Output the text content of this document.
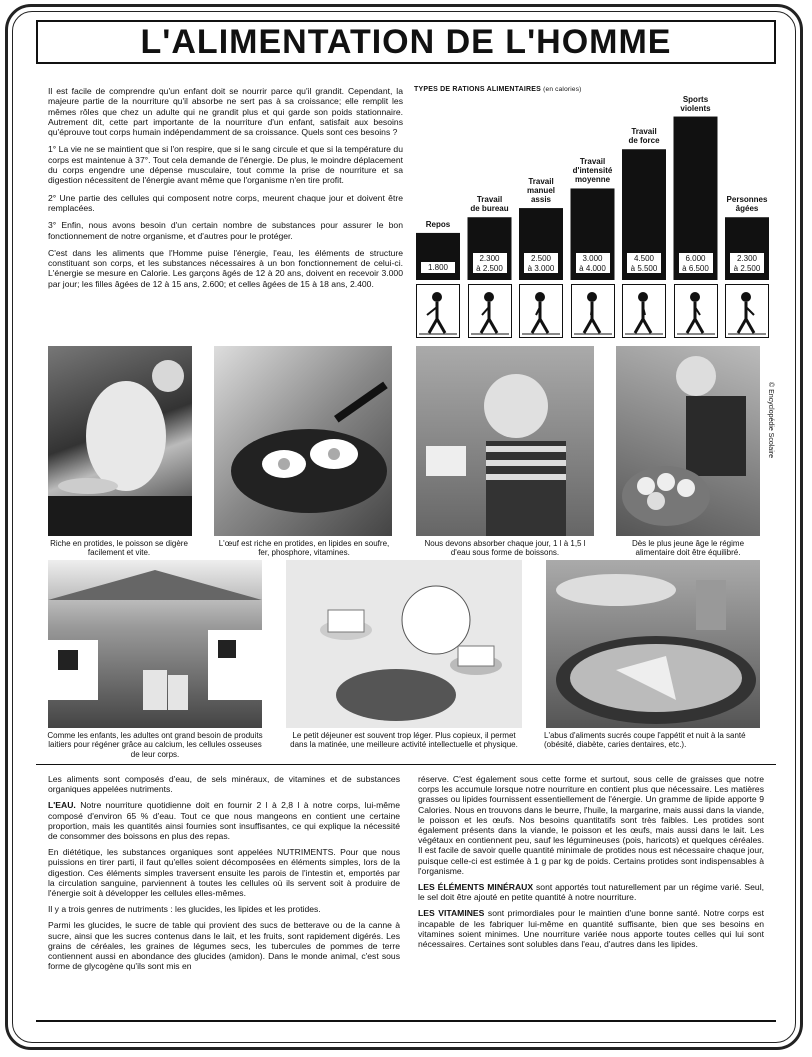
L'ALIMENTATION DE L'HOMME

Il est facile de comprendre qu'un enfant doit se nourrir parce qu'il grandit. Cependant, la majeure partie de la nourriture qu'il absorbe ne sert pas à sa croissance; elle remplit les mêmes rôles que chez un adulte qui ne grandit plus et qui garde son poids stationnaire. Autrement dit, cette part importante de la nourriture d'un enfant, satisfait aux besoins qu'éprouve tout corps humain indépendamment de sa croissance. Quels sont ces besoins ?

1° La vie ne se maintient que si l'on respire, que si le sang circule et que si la température du corps est maintenue à 37°. Tout cela demande de l'énergie. De plus, le moindre déplacement du corps engendre une dépense musculaire, tout comme la prise de nourriture et sa digestion nécessitent de l'énergie avant même que l'organisme n'en tire profit.

2° Une partie des cellules qui composent notre corps, meurent chaque jour et doivent être remplacées.

3° Enfin, nous avons besoin d'un certain nombre de substances pour assurer le bon fonctionnement de notre organisme, et d'autres pour le protéger.

C'est dans les aliments que l'Homme puise l'énergie, l'eau, les éléments de structure constituant son corps, et les substances nécessaires à un bon fonctionnement de celui-ci. L'énergie se mesure en Calorie. Les garçons âgés de 12 à 20 ans, doivent en recevoir 3.000 par jour; les filles âgées de 12 à 15 ans, 2.600; et celles âgées de 15 à 18 ans, 2.400.

TYPES DE RATIONS ALIMENTAIRES (en calories)
1.800
Repos
2.300
à 2.500
Travail
de bureau
2.500
à 3.000
Travail
manuel
assis
3.000
à 4.000
Travail
d'intensité
moyenne
4.500
à 5.500
Travail
de force
6.000
à 6.500
Sports
violents
2.300
à 2.500
Personnes
âgées
Riche en protides, le poisson se digère facilement et vite.
L'œuf est riche en protides, en lipides en soufre, fer, phosphore, vitamines.
Nous devons absorber chaque jour, 1 l à 1,5 l d'eau sous forme de boissons.
Dès le plus jeune âge le régime alimentaire doit être équilibré.
© Encyclopédie Scolaire
Comme les enfants, les adultes ont grand besoin de produits laitiers pour régéner grâce au calcium, les cellules osseuses de leur corps.
Le petit déjeuner est souvent trop léger. Plus copieux, il permet dans la matinée, une meilleure activité intellectuelle et physique.
L'abus d'aliments sucrés coupe l'appétit et nuit à la santé (obésité, diabète, caries dentaires, etc.).

Les aliments sont composés d'eau, de sels minéraux, de vitamines et de substances organiques appelées nutriments.

L'EAU. Notre nourriture quotidienne doit en fournir 2 l à 2,8 l à notre corps, lui-même composé d'environ 65 % d'eau. Tout ce que nous mangeons en contient une certaine proportion, mais les quantités ainsi fournies sont insuffisantes, ce qui explique la nécessité de consommer des boissons en plus des repas.

En diététique, les substances organiques sont appelées NUTRIMENTS. Pour que nous puissions en tirer parti, il faut qu'elles soient décomposées en éléments simples, lors de la digestion. Ces éléments simples traversent ensuite les parois de l'intestin et, emportés par la circulation sanguine, parviennent à toutes les cellules où ils servent soit à produire de l'énergie soit à développer les cellules elles-mêmes.

Il y a trois genres de nutriments : les glucides, les lipides et les protides.

Parmi les glucides, le sucre de table qui provient des sucs de betterave ou de la canne à sucre, ainsi que les sucres contenus dans le lait, et les fruits, sont rapidement digérés. Les grains de céréales, les graines de légumes secs, les tubercules de pommes de terre contiennent aussi en abondance des glucides (amidon). Dans le monde animal, c'est sous forme de glycogène qu'ils sont mis en

réserve. C'est également sous cette forme et surtout, sous celle de graisses que notre corps les accumule lorsque notre nourriture en contient plus que nécessaire. Les matières grasses ou lipides fournissent essentiellement de l'énergie. Un gramme de lipide apporte 9 Calories. Nous en trouvons dans le beurre, l'huile, la margarine, mais aussi dans la viande, le poisson et les œufs. Nos besoins quantitatifs sont très faibles. Les protides sont également présents dans la viande, le poisson et les œufs, mais aussi dans le lait. Les végétaux en contiennent peu, sauf les légumineuses (pois, haricots) et quelques céréales. Il est facile de savoir quelle quantité minimale de protides nous est nécessaire chaque jour, puisque celle-ci est estimée à 1 g par kg de poids. Certains protides sont indispensables à l'organisme.

LES ÉLÉMENTS MINÉRAUX sont apportés tout naturellement par un régime varié. Seul, le sel doit être ajouté en petite quantité à notre nourriture.

LES VITAMINES sont primordiales pour le maintien d'une bonne santé. Notre corps est incapable de les fabriquer lui-même en quantité suffisante, bien que ses besoins en vitamines soient minimes. Une nourriture variée nous apporte toutes celles qui lui sont nécessaires. Certaines sont solubles dans l'eau, d'autres dans les lipides.
